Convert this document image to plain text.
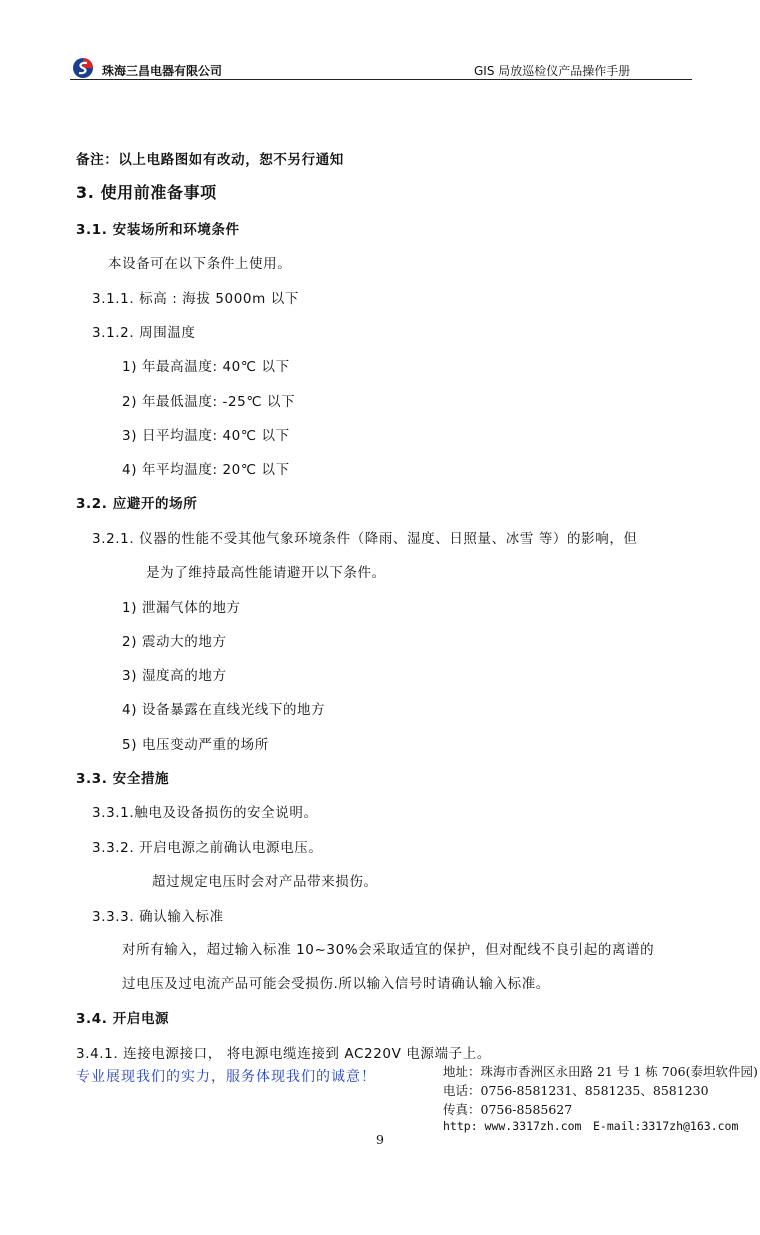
珠海三昌电器有限公司	GIS 局放巡检仪产品操作手册
备注：以上电路图如有改动，恕不另行通知
3. 使用前准备事项
3.1. 安装场所和环境条件
本设备可在以下条件上使用。
3.1.1. 标高 : 海拔 5000m 以下
3.1.2. 周围温度
1) 年最高温度: 40℃ 以下
2) 年最低温度: -25℃ 以下
3) 日平均温度: 40℃ 以下
4) 年平均温度: 20℃ 以下
3.2. 应避开的场所
3.2.1. 仪器的性能不受其他气象环境条件（降雨、湿度、日照量、冰雪 等）的影响，但
是为了维持最高性能请避开以下条件。
1) 泄漏气体的地方
2) 震动大的地方
3) 湿度高的地方
4) 设备暴露在直线光线下的地方
5) 电压变动严重的场所
3.3. 安全措施
3.3.1.触电及设备损伤的安全说明。
3.3.2. 开启电源之前确认电源电压。
超过规定电压时会对产品带来损伤。
3.3.3. 确认输入标准
对所有输入，超过输入标准 10~30%会采取适宜的保护，但对配线不良引起的离谱的
过电压及过电流产品可能会受损伤.所以输入信号时请确认输入标准。
3.4. 开启电源
3.4.1. 连接电源接口， 将电源电缆连接到 AC220V 电源端子上。
专业展现我们的实力，服务体现我们的诚意！	地址：珠海市香洲区永田路 21 号 1 栋 706(泰坦软件园)
电话：0756-8581231、8581235、8581230
传真：0756-8585627
http: www.3317zh.com E-mail:3317zh@163.com
9
